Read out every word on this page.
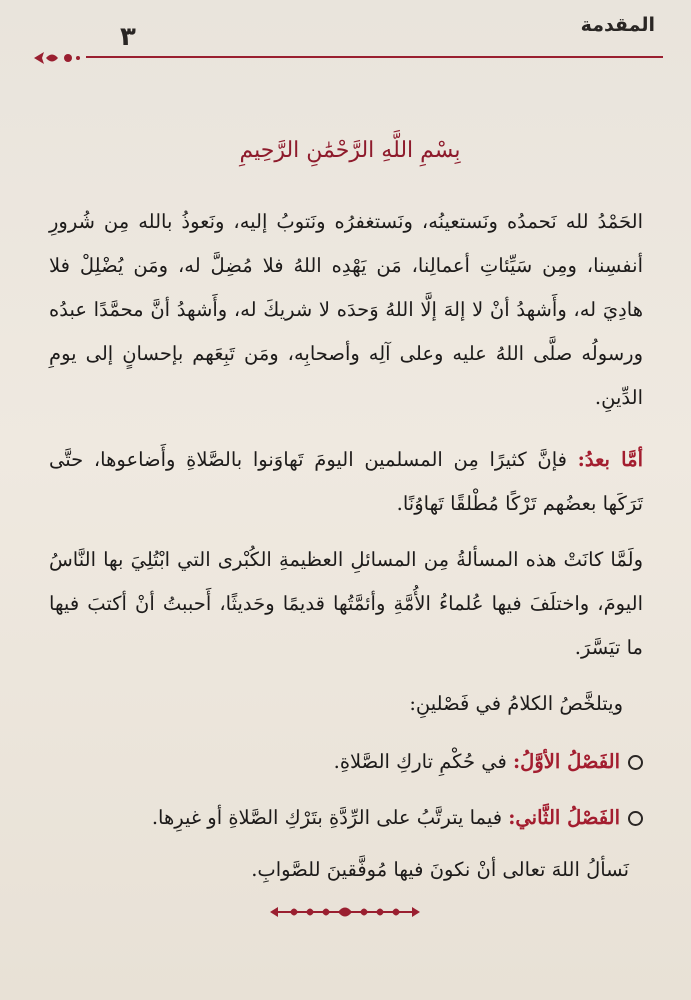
المقدمة
٣
بِسْمِ اللَّهِ الرَّحْمَٰنِ الرَّحِيمِ
الحَمْدُ لله نَحمدُه ونَستعينُه، ونَستغفرُه ونَتوبُ إليه، ونَعوذُ بالله مِن شُرورِ أنفسِنا، ومِن سَيِّئاتِ أعمالِنا، مَن يَهْدِه اللهُ فلا مُضِلَّ له، ومَن يُضْلِلْ فلا هادِيَ له، وأَشهدُ أنْ لا إلهَ إلَّا اللهُ وَحدَه لا شريكَ له، وأَشهدُ أنَّ محمَّدًا عبدُه ورسولُه صلَّى اللهُ عليه وعلى آلِه وأصحابِه، ومَن تَبِعَهم بإحسانٍ إلى يومِ الدِّينِ.
أمَّا بعدُ: فإنَّ كثيرًا مِن المسلمين اليومَ تَهاوَنوا بالصَّلاةِ وأَضاعوها، حتَّى تَرَكَها بعضُهم تَرْكًا مُطْلقًا تَهاوُنًا.
ولَمَّا كانَتْ هذه المسألةُ مِن المسائلِ العظيمةِ الكُبْرى التي ابْتُلِيَ بها النَّاسُ اليومَ، واختلَفَ فيها عُلماءُ الأُمَّةِ وأئمَّتُها قديمًا وحَديثًا، أَحببتُ أنْ أكتبَ فيها ما تيَسَّرَ.
ويتلخَّصُ الكلامُ في فَصْلينِ:
الفَصْلُ الأوَّلُ: في حُكْمِ تاركِ الصَّلاةِ.
الفَصْلُ الثَّاني: فيما يترتَّبُ على الرِّدَّةِ بتَرْكِ الصَّلاةِ أو غيرِها.
نَسألُ اللهَ تعالى أنْ نكونَ فيها مُوفَّقينَ للصَّوابِ.
